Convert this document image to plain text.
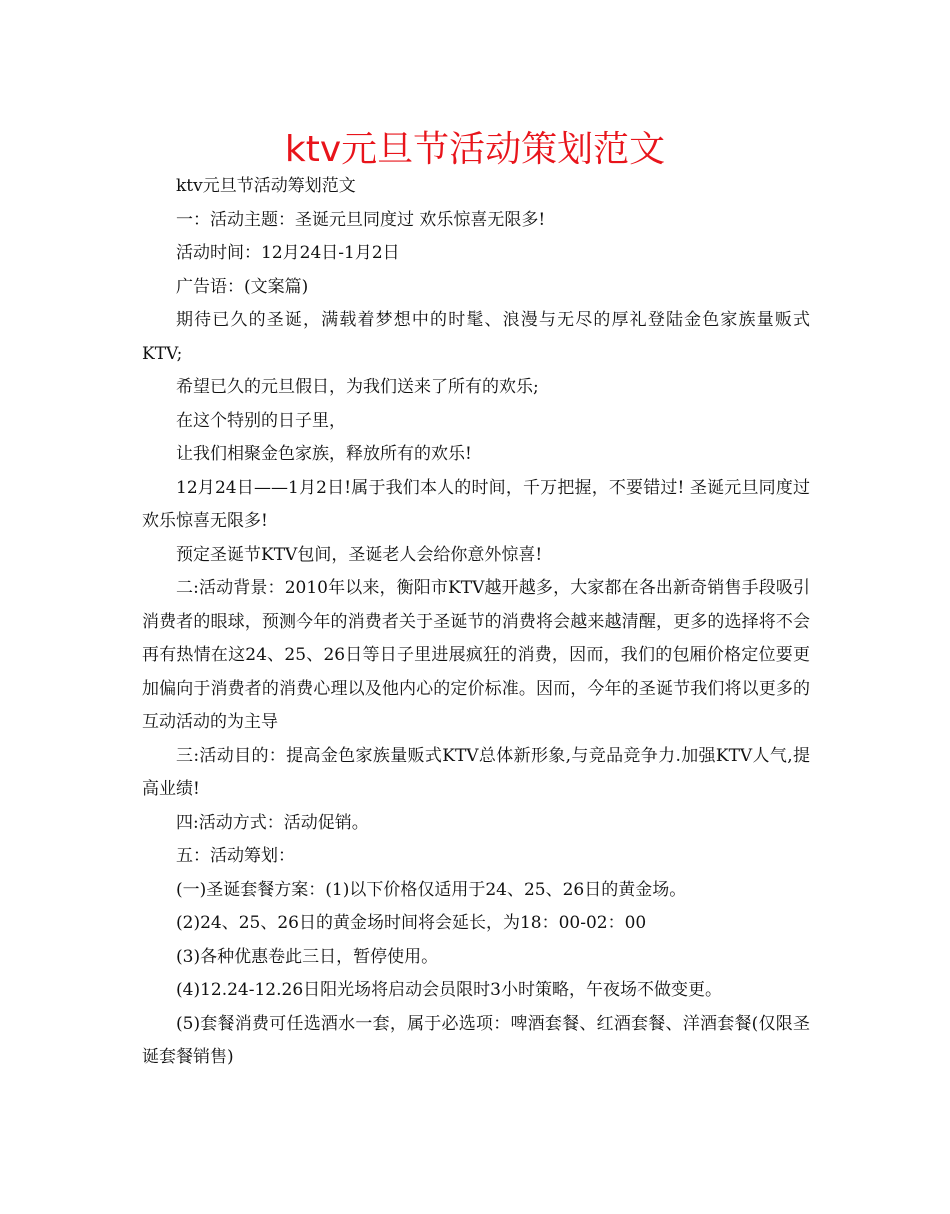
ktv元旦节活动策划范文

ktv元旦节活动筹划范文

一：活动主题：圣诞元旦同度过 欢乐惊喜无限多!

活动时间：12月24日-1月2日

广告语：(文案篇)

期待已久的圣诞，满载着梦想中的时髦、浪漫与无尽的厚礼登陆金色家族量贩式KTV;

希望已久的元旦假日，为我们送来了所有的欢乐;

在这个特别的日子里，

让我们相聚金色家族，释放所有的欢乐!

12月24日——1月2日!属于我们本人的时间，千万把握，不要错过! 圣诞元旦同度过 欢乐惊喜无限多!

预定圣诞节KTV包间，圣诞老人会给你意外惊喜!

二:活动背景：2010年以来，衡阳市KTV越开越多，大家都在各出新奇销售手段吸引消费者的眼球，预测今年的消费者关于圣诞节的消费将会越来越清醒，更多的选择将不会再有热情在这24、25、26日等日子里进展疯狂的消费，因而，我们的包厢价格定位要更加偏向于消费者的消费心理以及他内心的定价标准。因而，今年的圣诞节我们将以更多的互动活动的为主导

三:活动目的：提高金色家族量贩式KTV总体新形象,与竞品竞争力.加强KTV人气,提高业绩!

四:活动方式：活动促销。

五：活动筹划：

(一)圣诞套餐方案：(1)以下价格仅适用于24、25、26日的黄金场。

(2)24、25、26日的黄金场时间将会延长，为18：00-02：00

(3)各种优惠卷此三日，暂停使用。

(4)12.24-12.26日阳光场将启动会员限时3小时策略，午夜场不做变更。

(5)套餐消费可任选酒水一套，属于必选项：啤酒套餐、红酒套餐、洋酒套餐(仅限圣诞套餐销售)
